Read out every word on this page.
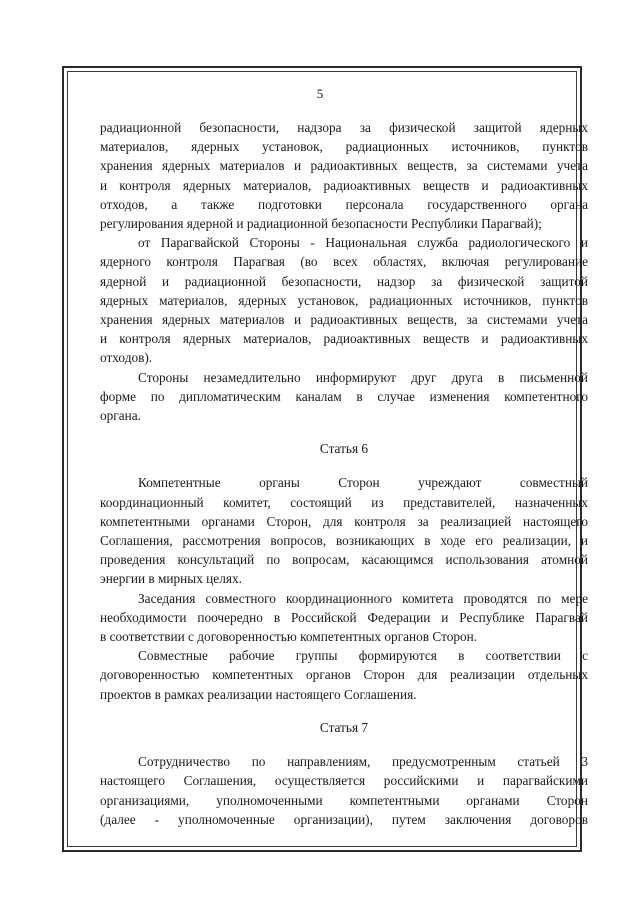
5

радиационной безопасности, надзора за физической защитой ядерных
материалов, ядерных установок, радиационных источников, пунктов
хранения ядерных материалов и радиоактивных веществ, за системами учета
и контроля ядерных материалов, радиоактивных веществ и радиоактивных
отходов, а также подготовки персонала государственного органа
регулирования ядерной и радиационной безопасности Республики Парагвай);

от Парагвайской Стороны - Национальная служба радиологического и
ядерного контроля Парагвая (во всех областях, включая регулирование
ядерной и радиационной безопасности, надзор за физической защитой
ядерных материалов, ядерных установок, радиационных источников, пунктов
хранения ядерных материалов и радиоактивных веществ, за системами учета
и контроля ядерных материалов, радиоактивных веществ и радиоактивных
отходов).

Стороны незамедлительно информируют друг друга в письменной
форме по дипломатическим каналам в случае изменения компетентного
органа.

Статья 6

Компетентные органы Сторон учреждают совместный
координационный комитет, состоящий из представителей, назначенных
компетентными органами Сторон, для контроля за реализацией настоящего
Соглашения, рассмотрения вопросов, возникающих в ходе его реализации, и
проведения консультаций по вопросам, касающимся использования атомной
энергии в мирных целях.

Заседания совместного координационного комитета проводятся по мере
необходимости поочередно в Российской Федерации и Республике Парагвай
в соответствии с договоренностью компетентных органов Сторон.

Совместные рабочие группы формируются в соответствии с
договоренностью компетентных органов Сторон для реализации отдельных
проектов в рамках реализации настоящего Соглашения.

Статья 7

Сотрудничество по направлениям, предусмотренным статьей 3
настоящего Соглашения, осуществляется российскими и парагвайскими
организациями, уполномоченными компетентными органами Сторон
(далее - уполномоченные организации), путем заключения договоров
